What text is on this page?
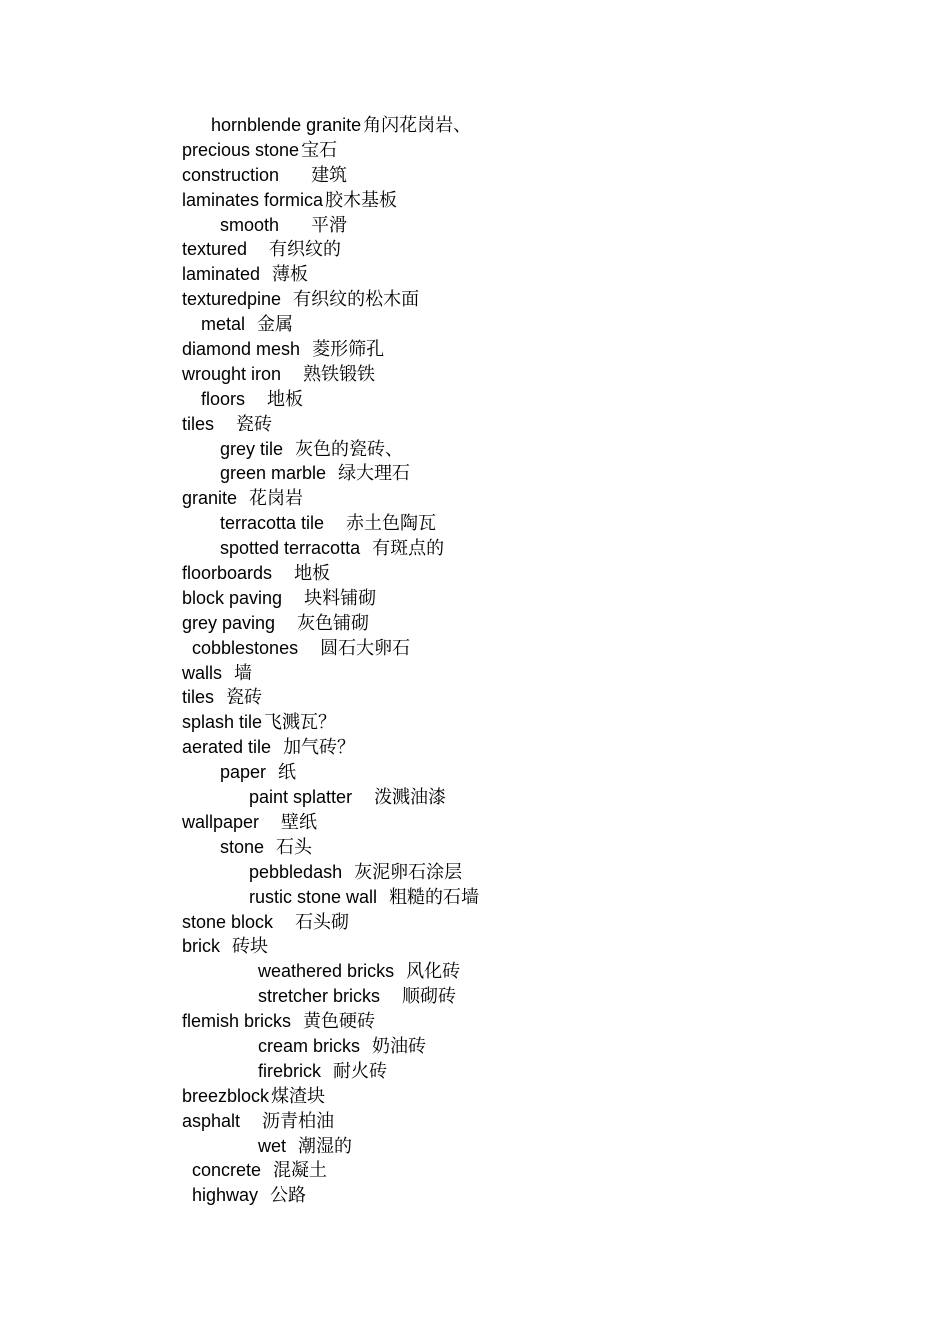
hornblende granite 角闪花岗岩、
precious stone 宝石
construction 建筑
laminates formica 胶木基板
smooth 平滑
textured 有织纹的
laminated 薄板
texturedpine 有织纹的松木面
metal 金属
diamond mesh 菱形筛孔
wrought iron 熟铁锻铁
floors 地板
tiles 瓷砖
grey tile 灰色的瓷砖、
green marble 绿大理石
granite 花岗岩
terracotta tile 赤土色陶瓦
spotted terracotta 有斑点的
floorboards 地板
block paving 块料铺砌
grey paving 灰色铺砌
cobblestones 圆石大卵石
walls 墙
tiles 瓷砖
splash tile 飞溅瓦？
aerated tile 加气砖？
paper 纸
paint splatter 泼溅油漆
wallpaper 壁纸
stone 石头
pebbledash 灰泥卵石涂层
rustic stone wall 粗糙的石墙
stone block 石头砌
brick 砖块
weathered bricks 风化砖
stretcher bricks 顺砌砖
flemish bricks 黄色硬砖
cream bricks 奶油砖
firebrick 耐火砖
breezblock 煤渣块
asphalt 沥青柏油
wet 潮湿的
concrete 混凝土
highway 公路
